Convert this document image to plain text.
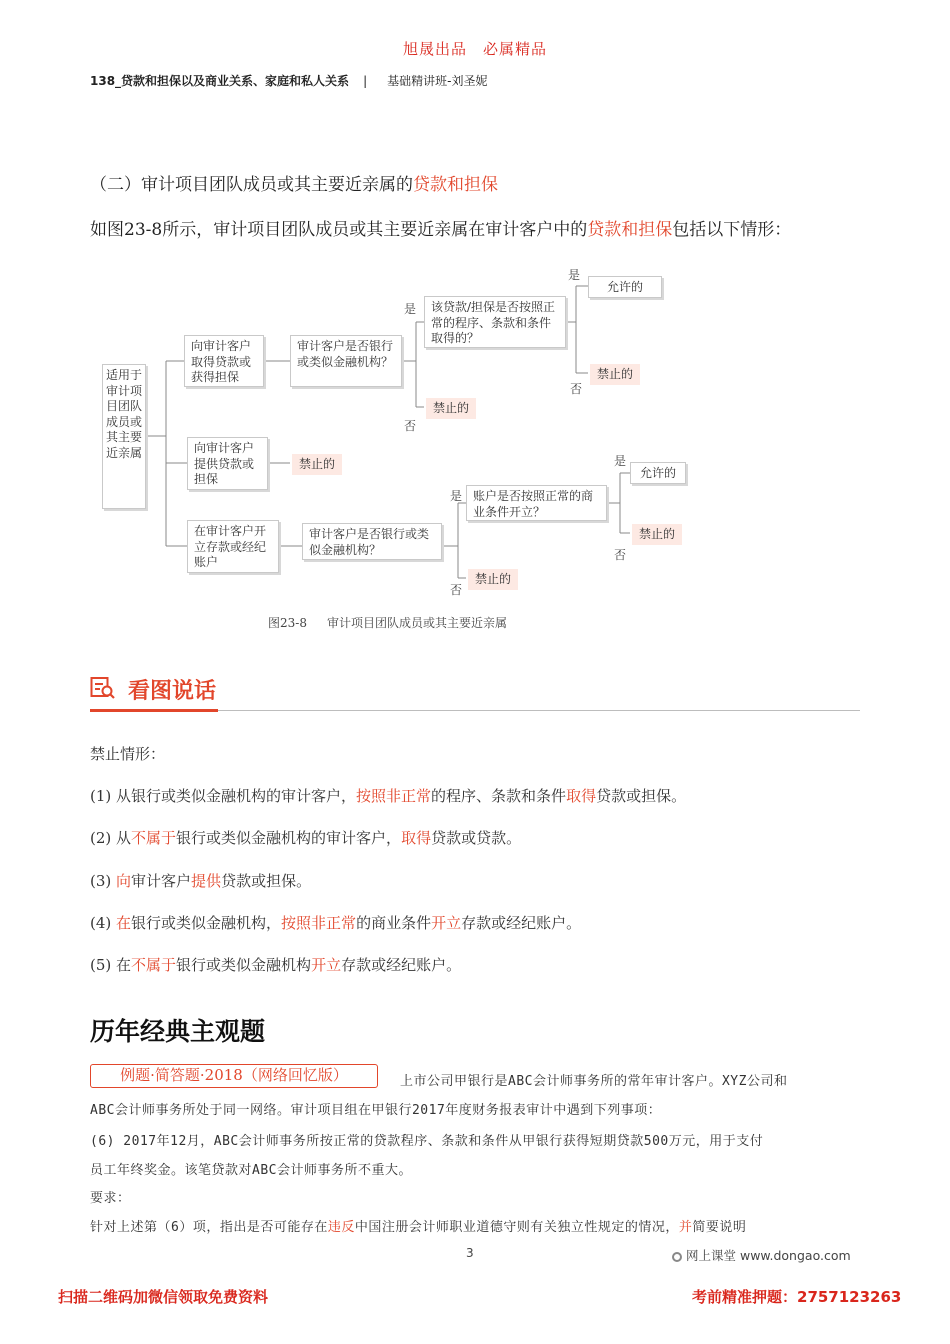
旭晟出品　必属精品
138_贷款和担保以及商业关系、家庭和私人关系 | 基础精讲班-刘圣妮
（二）审计项目团队成员或其主要近亲属的贷款和担保
如图23-8所示，审计项目团队成员或其主要近亲属在审计客户中的贷款和担保包括以下情形：
适用于审计项目团队成员或其主要近亲属
向审计客户取得贷款或获得担保
审计客户是否银行或类似金融机构？
是
否
禁止的
该贷款/担保是否按照正常的程序、条款和条件取得的？
是
允许的
否
禁止的
向审计客户提供贷款或担保
禁止的
在审计客户开立存款或经纪账户
审计客户是否银行或类似金融机构？
是
否
禁止的
账户是否按照正常的商业条件开立？
是
允许的
否
禁止的
图23-8 审计项目团队成员或其主要近亲属
看图说话
禁止情形：
(1) 从银行或类似金融机构的审计客户，按照非正常的程序、条款和条件取得贷款或担保。
(2) 从不属于银行或类似金融机构的审计客户，取得贷款或贷款。
(3) 向审计客户提供贷款或担保。
(4) 在银行或类似金融机构，按照非正常的商业条件开立存款或经纪账户。
(5) 在不属于银行或类似金融机构开立存款或经纪账户。
历年经典主观题
例题·简答题·2018（网络回忆版）	上市公司甲银行是ABC会计师事务所的常年审计客户。XYZ公司和
ABC会计师事务所处于同一网络。审计项目组在甲银行2017年度财务报表审计中遇到下列事项：
(6) 2017年12月，ABC会计师事务所按正常的贷款程序、条款和条件从甲银行获得短期贷款500万元，用于支付
员工年终奖金。该笔贷款对ABC会计师事务所不重大。
要求：
针对上述第（6）项，指出是否可能存在违反中国注册会计师职业道德守则有关独立性规定的情况，并简要说明
3	网上课堂 www.dongao.com
扫描二维码加微信领取免费资料	考前精准押题：2757123263
